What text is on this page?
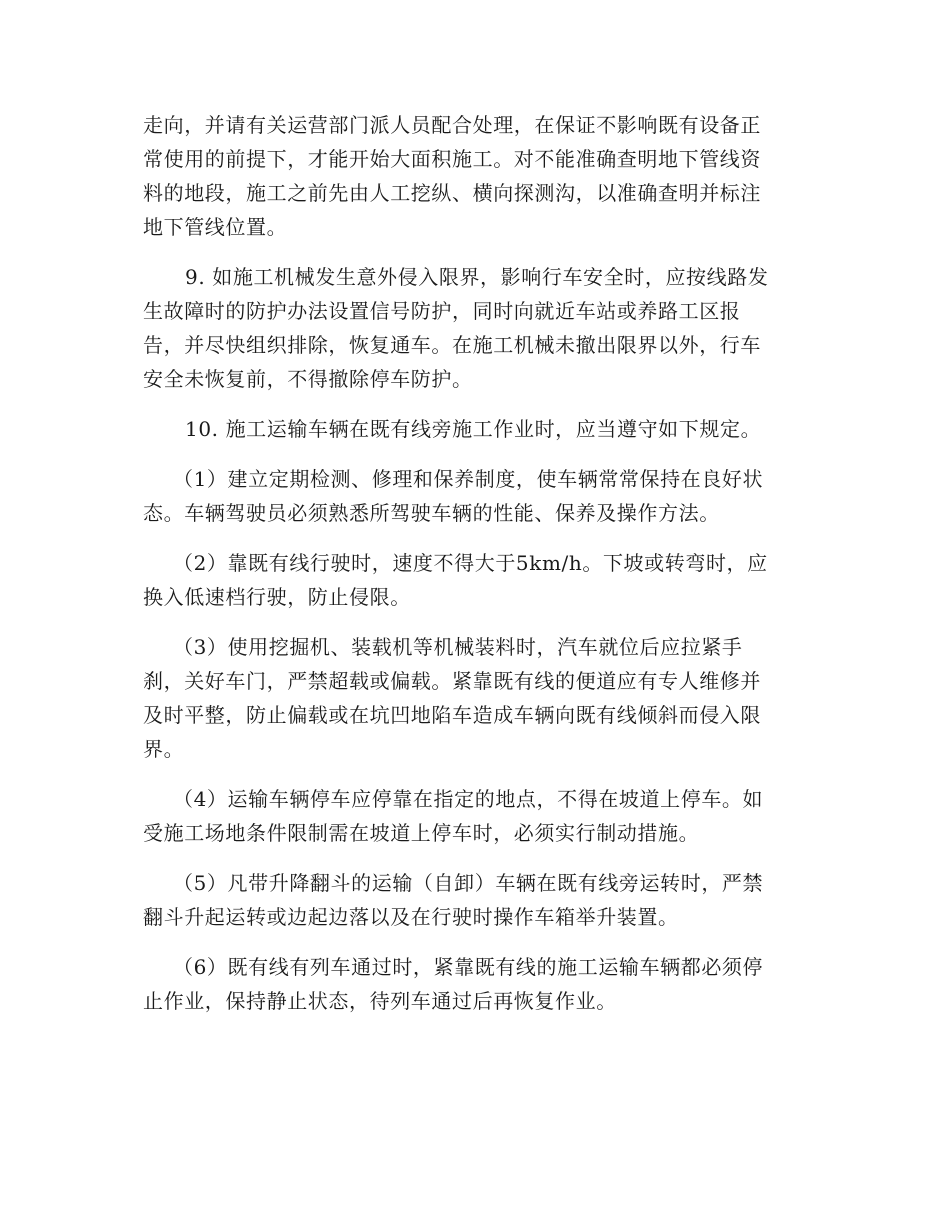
走向，并请有关运营部门派人员配合处理，在保证不影响既有设备正
常使用的前提下，才能开始大面积施工。对不能准确查明地下管线资
料的地段，施工之前先由人工挖纵、横向探测沟，以准确查明并标注
地下管线位置。

9. 如施工机械发生意外侵入限界，影响行车安全时，应按线路发
生故障时的防护办法设置信号防护，同时向就近车站或养路工区报
告，并尽快组织排除，恢复通车。在施工机械未撤出限界以外，行车
安全未恢复前，不得撤除停车防护。

10. 施工运输车辆在既有线旁施工作业时，应当遵守如下规定。

（1）建立定期检测、修理和保养制度，使车辆常常保持在良好状
态。车辆驾驶员必须熟悉所驾驶车辆的性能、保养及操作方法。

（2）靠既有线行驶时，速度不得大于5km/h。下坡或转弯时，应
换入低速档行驶，防止侵限。

（3）使用挖掘机、装载机等机械装料时，汽车就位后应拉紧手
刹，关好车门，严禁超载或偏载。紧靠既有线的便道应有专人维修并
及时平整，防止偏载或在坑凹地陷车造成车辆向既有线倾斜而侵入限
界。

（4）运输车辆停车应停靠在指定的地点，不得在坡道上停车。如
受施工场地条件限制需在坡道上停车时，必须实行制动措施。

（5）凡带升降翻斗的运输（自卸）车辆在既有线旁运转时，严禁
翻斗升起运转或边起边落以及在行驶时操作车箱举升装置。

（6）既有线有列车通过时，紧靠既有线的施工运输车辆都必须停
止作业，保持静止状态，待列车通过后再恢复作业。
